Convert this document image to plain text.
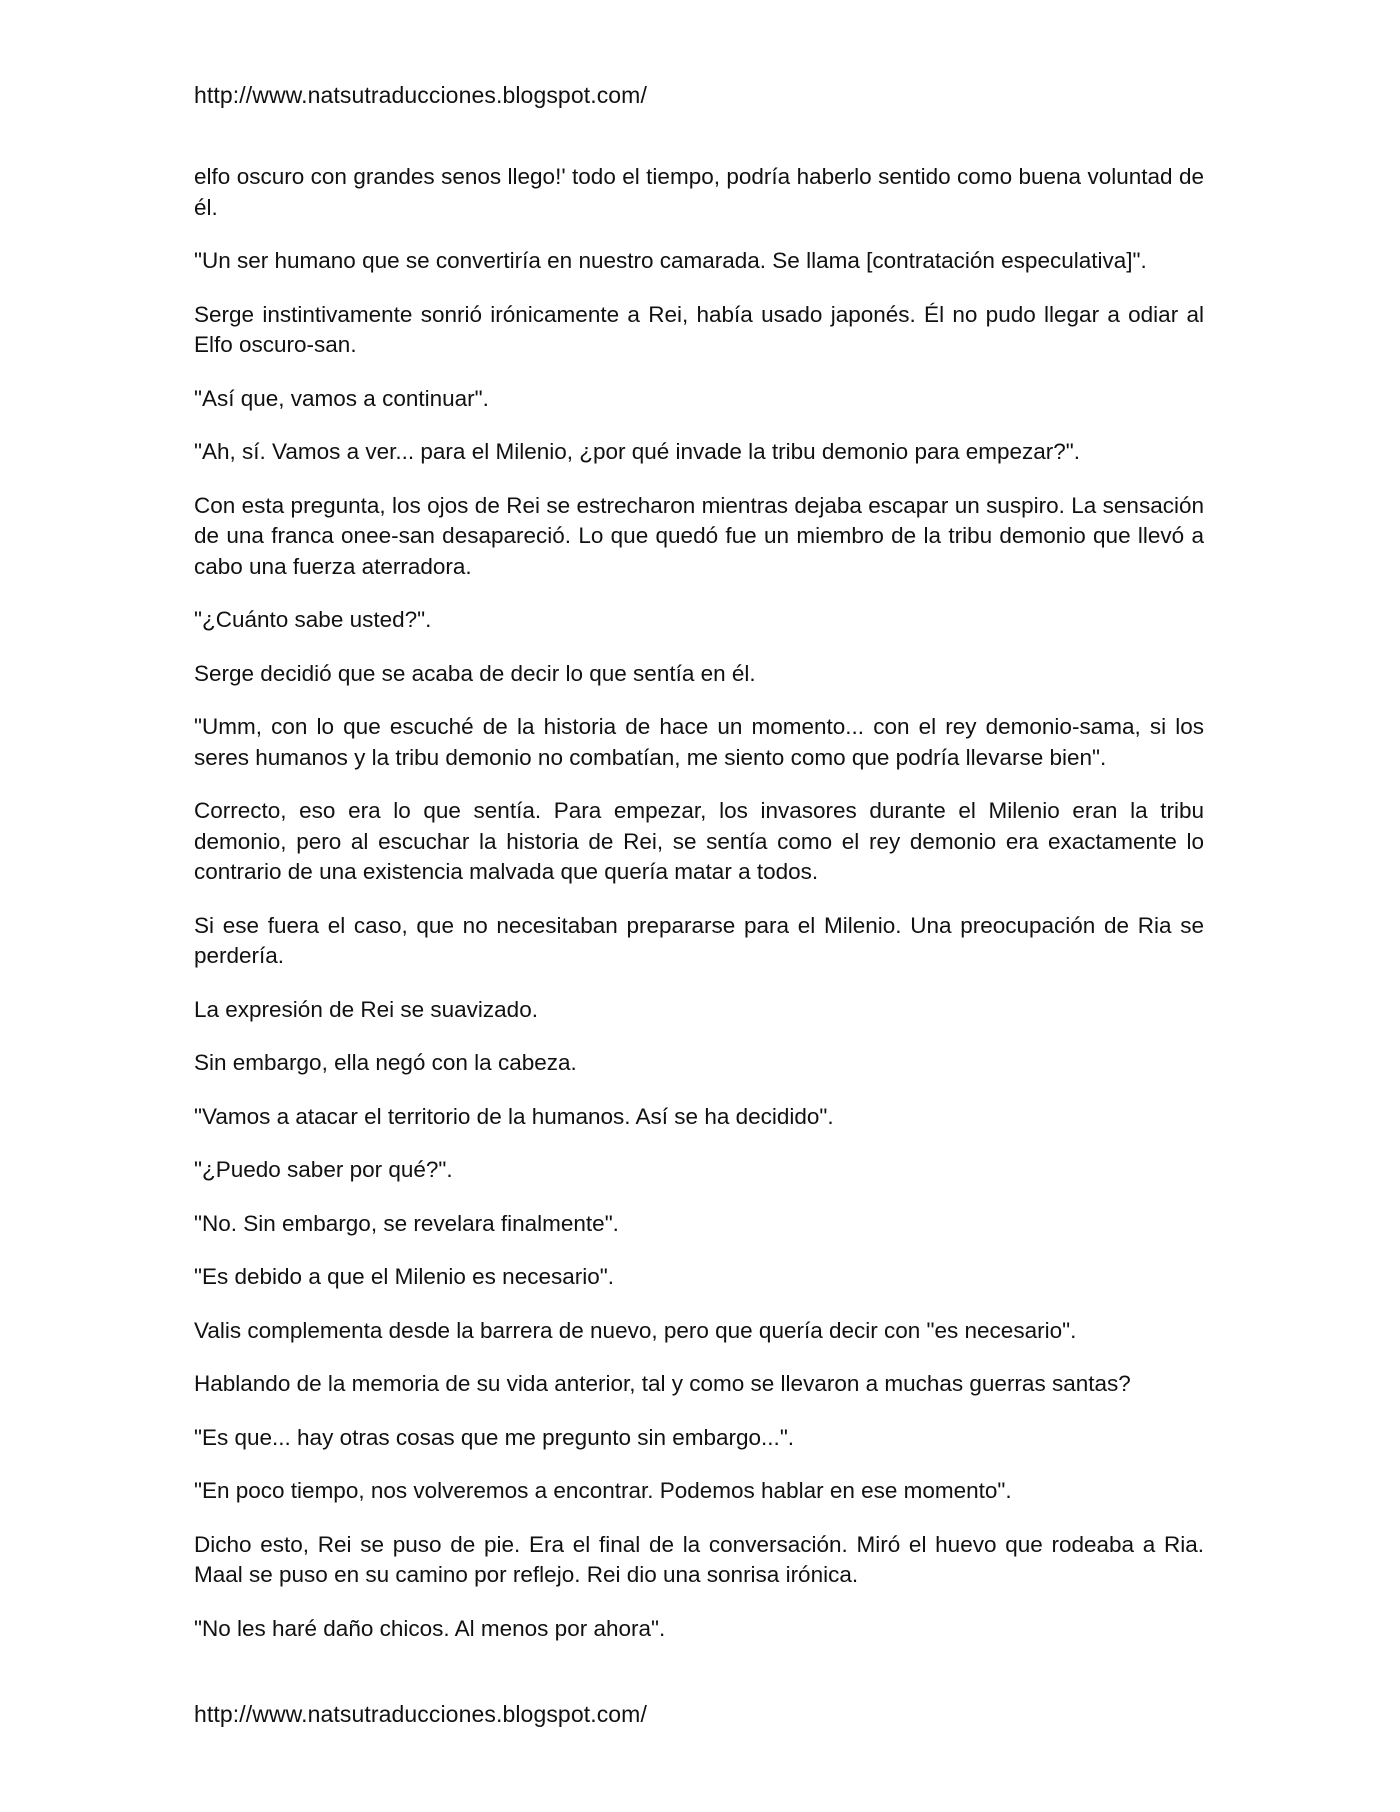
http://www.natsutraducciones.blogspot.com/

elfo oscuro con grandes senos llego!' todo el tiempo, podría haberlo sentido como buena voluntad de él.

"Un ser humano que se convertiría en nuestro camarada. Se llama [contratación especulativa]".

Serge instintivamente sonrió irónicamente a Rei, había usado japonés. Él no pudo llegar a odiar al Elfo oscuro-san.

"Así que, vamos a continuar".

"Ah, sí. Vamos a ver... para el Milenio, ¿por qué invade la tribu demonio para empezar?".

Con esta pregunta, los ojos de Rei se estrecharon mientras dejaba escapar un suspiro. La sensación de una franca onee-san desapareció. Lo que quedó fue un miembro de la tribu demonio que llevó a cabo una fuerza aterradora.

"¿Cuánto sabe usted?".

Serge decidió que se acaba de decir lo que sentía en él.

"Umm, con lo que escuché de la historia de hace un momento... con el rey demonio-sama, si los seres humanos y la tribu demonio no combatían, me siento como que podría llevarse bien".

Correcto, eso era lo que sentía. Para empezar, los invasores durante el Milenio eran la tribu demonio, pero al escuchar la historia de Rei, se sentía como el rey demonio era exactamente lo contrario de una existencia malvada que quería matar a todos.

Si ese fuera el caso, que no necesitaban prepararse para el Milenio. Una preocupación de Ria se perdería.

La expresión de Rei se suavizado.

Sin embargo, ella negó con la cabeza.

"Vamos a atacar el territorio de la humanos. Así se ha decidido".

"¿Puedo saber por qué?".

"No. Sin embargo, se revelara finalmente".

"Es debido a que el Milenio es necesario".

Valis complementa desde la barrera de nuevo, pero que quería decir con "es necesario".

Hablando de la memoria de su vida anterior, tal y como se llevaron a muchas guerras santas?

"Es que... hay otras cosas que me pregunto sin embargo...".

"En poco tiempo, nos volveremos a encontrar. Podemos hablar en ese momento".

Dicho esto, Rei se puso de pie. Era el final de la conversación. Miró el huevo que rodeaba a Ria. Maal se puso en su camino por reflejo. Rei dio una sonrisa irónica.

"No les haré daño chicos. Al menos por ahora".

http://www.natsutraducciones.blogspot.com/
